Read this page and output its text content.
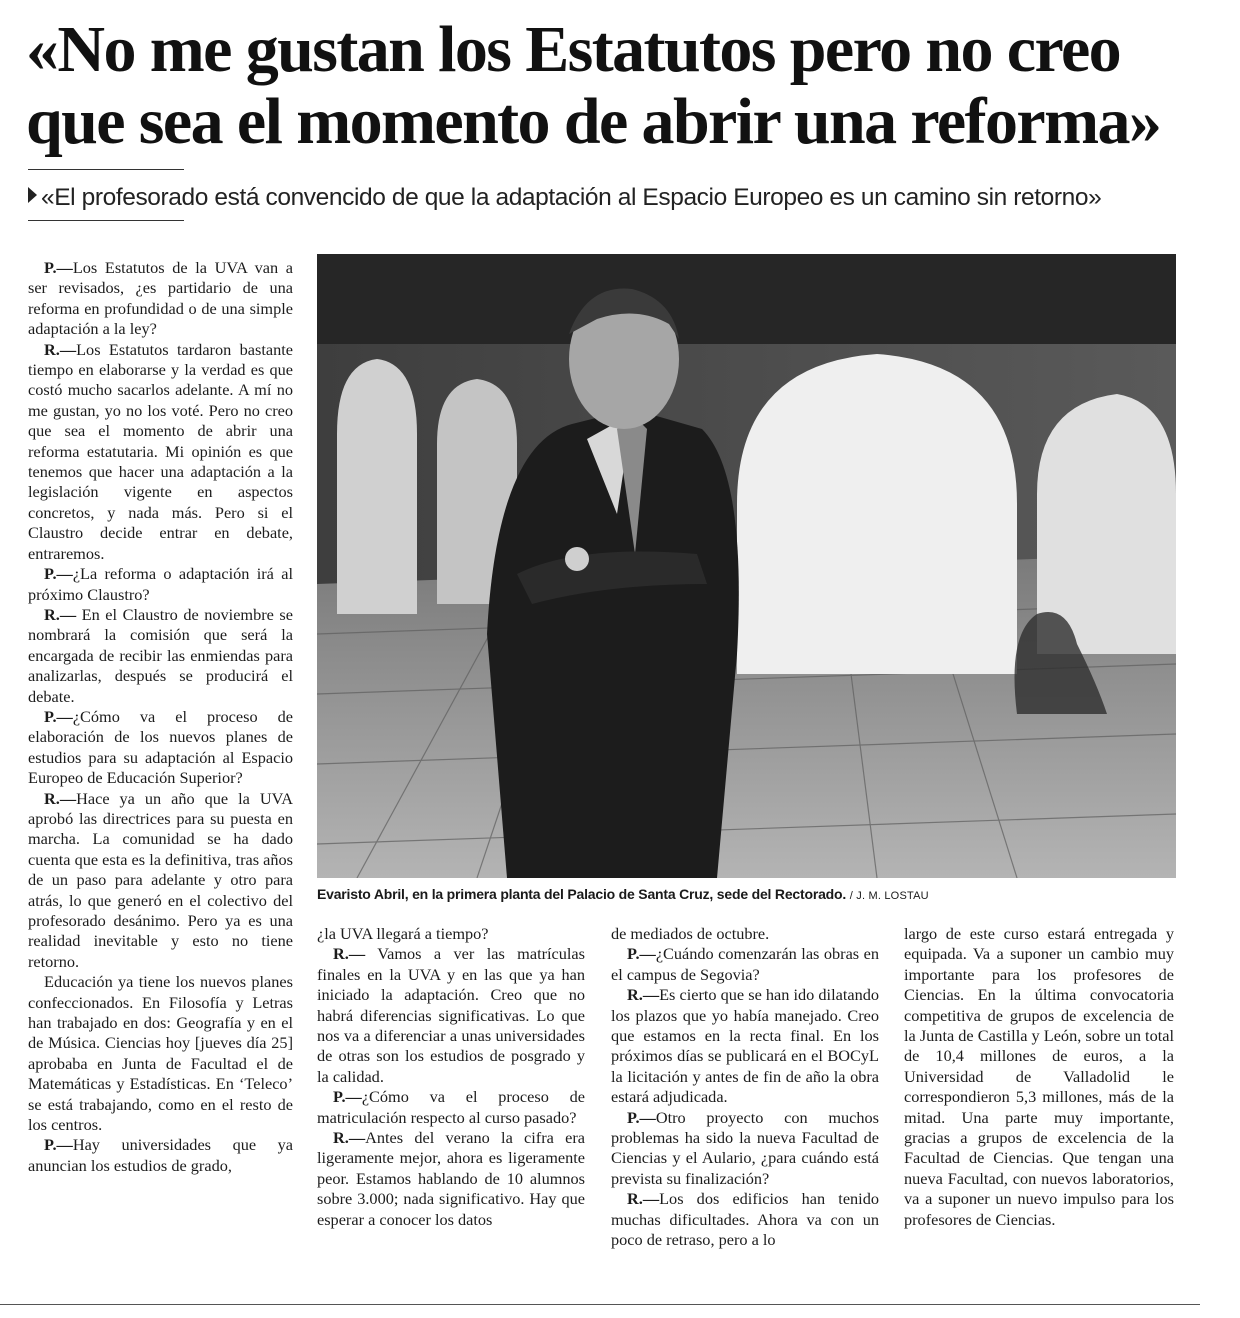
«No me gustan los Estatutos pero no creo que sea el momento de abrir una reforma»
«El profesorado está convencido de que la adaptación al Espacio Europeo es un camino sin retorno»
Evaristo Abril, en la primera planta del Palacio de Santa Cruz, sede del Rectorado. / J. M. LOSTAU

P.—Los Estatutos de la UVA van a ser revisados, ¿es partidario de una reforma en profundidad o de una simple adaptación a la ley?

R.—Los Estatutos tardaron bastante tiempo en elaborarse y la verdad es que costó mucho sacarlos adelante. A mí no me gustan, yo no los voté. Pero no creo que sea el momento de abrir una reforma estatutaria. Mi opinión es que tenemos que hacer una adaptación a la legislación vigente en aspectos concretos, y nada más. Pero si el Claustro decide entrar en debate, entraremos.

P.—¿La reforma o adaptación irá al próximo Claustro?

R.— En el Claustro de noviembre se nombrará la comisión que será la encargada de recibir las enmiendas para analizarlas, después se producirá el debate.

P.—¿Cómo va el proceso de elaboración de los nuevos planes de estudios para su adaptación al Espacio Europeo de Educación Superior?

R.—Hace ya un año que la UVA aprobó las directrices para su puesta en marcha. La comunidad se ha dado cuenta que esta es la definitiva, tras años de un paso para adelante y otro para atrás, lo que generó en el colectivo del profesorado desánimo. Pero ya es una realidad inevitable y esto no tiene retorno.

Educación ya tiene los nuevos planes confeccionados. En Filosofía y Letras han trabajado en dos: Geografía y en el de Música. Ciencias hoy [jueves día 25] aprobaba en Junta de Facultad el de Matemáticas y Estadísticas. En ‘Teleco’ se está trabajando, como en el resto de los centros.

P.—Hay universidades que ya anuncian los estudios de grado,

¿la UVA llegará a tiempo?

R.— Vamos a ver las matrículas finales en la UVA y en las que ya han iniciado la adaptación. Creo que no habrá diferencias significativas. Lo que nos va a diferenciar a unas universidades de otras son los estudios de posgrado y la calidad.

P.—¿Cómo va el proceso de matriculación respecto al curso pasado?

R.—Antes del verano la cifra era ligeramente mejor, ahora es ligeramente peor. Estamos hablando de 10 alumnos sobre 3.000; nada significativo. Hay que esperar a conocer los datos

de mediados de octubre.

P.—¿Cuándo comenzarán las obras en el campus de Segovia?

R.—Es cierto que se han ido dilatando los plazos que yo había manejado. Creo que estamos en la recta final. En los próximos días se publicará en el BOCyL la licitación y antes de fin de año la obra estará adjudicada.

P.—Otro proyecto con muchos problemas ha sido la nueva Facultad de Ciencias y el Aulario, ¿para cuándo está prevista su finalización?

R.—Los dos edificios han tenido muchas dificultades. Ahora va con un poco de retraso, pero a lo

largo de este curso estará entregada y equipada. Va a suponer un cambio muy importante para los profesores de Ciencias. En la última convocatoria competitiva de grupos de excelencia de la Junta de Castilla y León, sobre un total de 10,4 millones de euros, a la Universidad de Valladolid le correspondieron 5,3 millones, más de la mitad. Una parte muy importante, gracias a grupos de excelencia de la Facultad de Ciencias. Que tengan una nueva Facultad, con nuevos laboratorios, va a suponer un nuevo impulso para los profesores de Ciencias.
